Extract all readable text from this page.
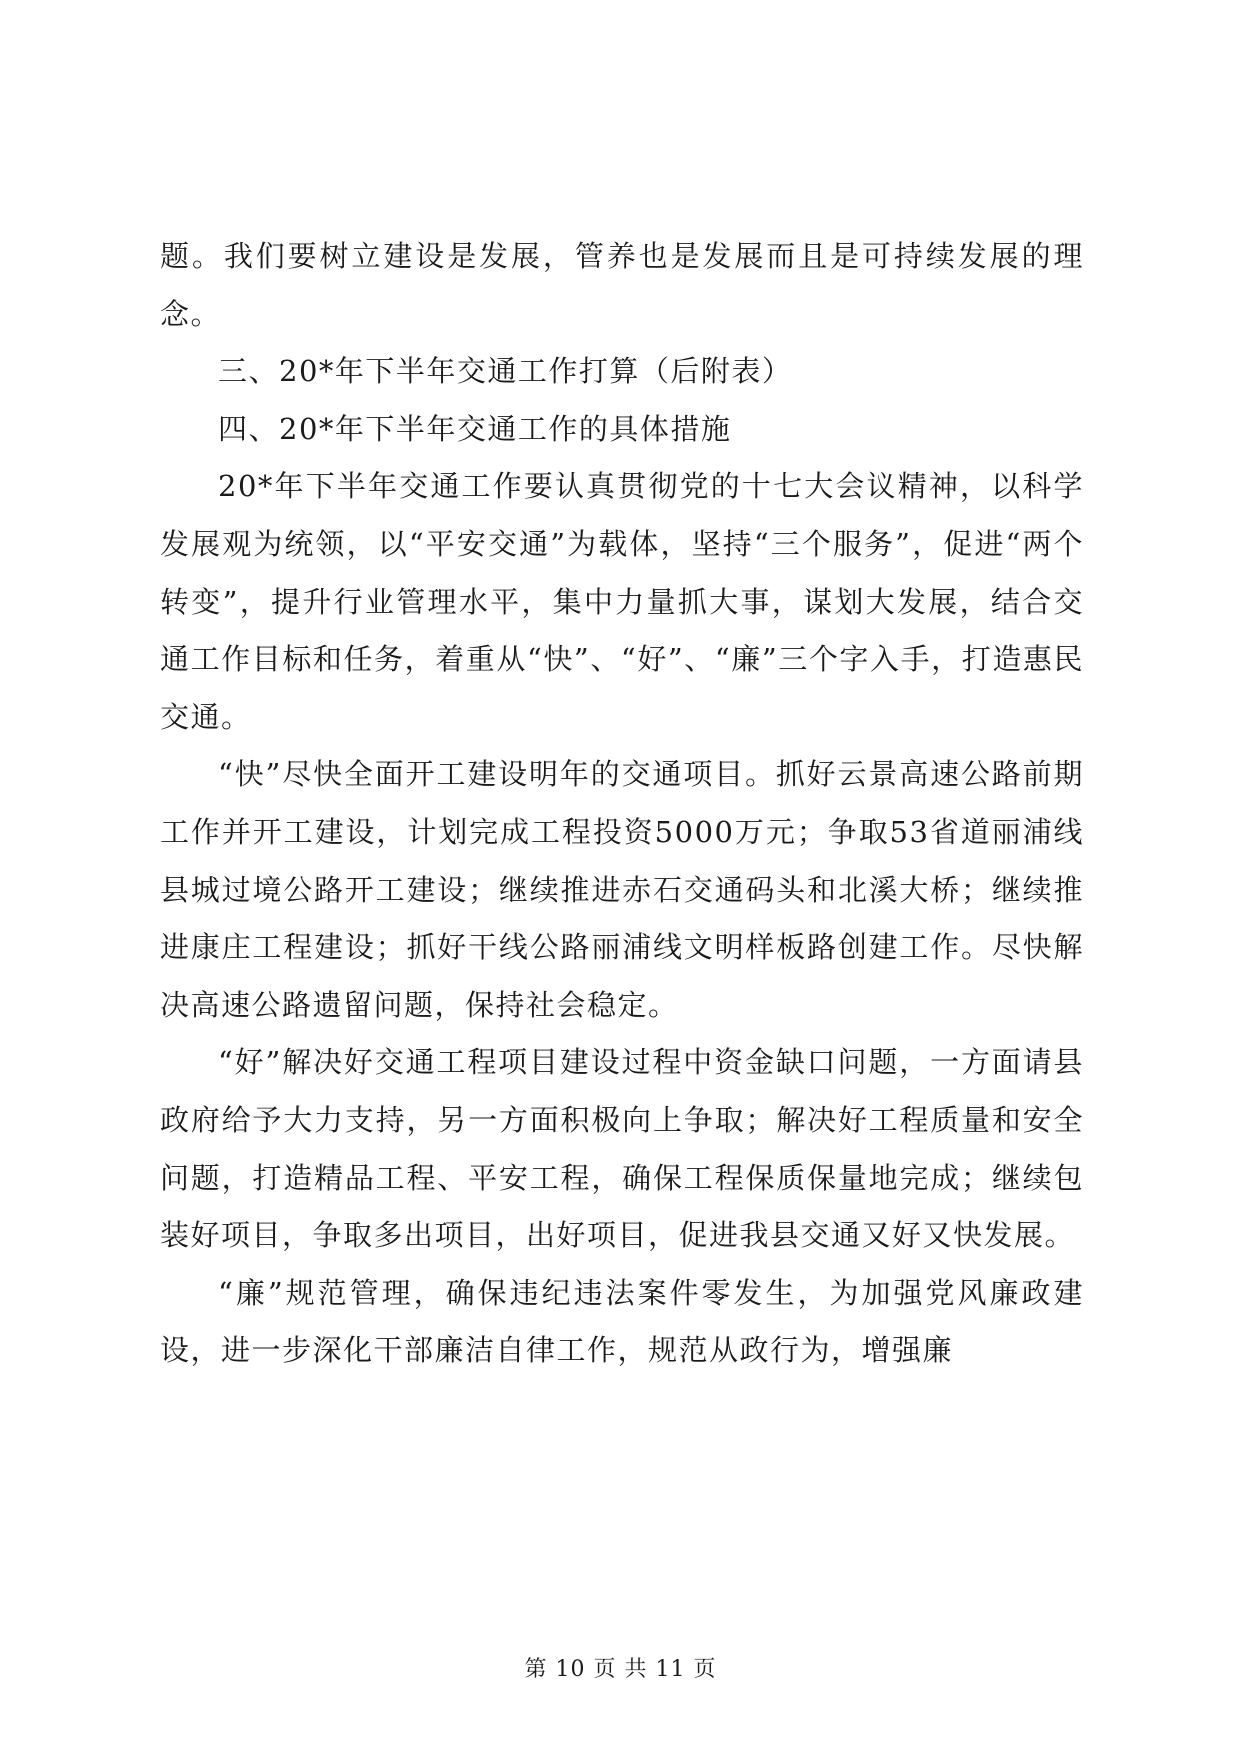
题。我们要树立建设是发展，管养也是发展而且是可持续发展的理念。

三、20*年下半年交通工作打算（后附表）

四、20*年下半年交通工作的具体措施

20*年下半年交通工作要认真贯彻党的十七大会议精神，以科学发展观为统领，以“平安交通”为载体，坚持“三个服务”，促进“两个转变”，提升行业管理水平，集中力量抓大事，谋划大发展，结合交通工作目标和任务，着重从“快”、“好”、“廉”三个字入手，打造惠民交通。

“快”尽快全面开工建设明年的交通项目。抓好云景高速公路前期工作并开工建设，计划完成工程投资5000万元；争取53省道丽浦线县城过境公路开工建设；继续推进赤石交通码头和北溪大桥；继续推进康庄工程建设；抓好干线公路丽浦线文明样板路创建工作。尽快解决高速公路遗留问题，保持社会稳定。

“好”解决好交通工程项目建设过程中资金缺口问题，一方面请县政府给予大力支持，另一方面积极向上争取；解决好工程质量和安全问题，打造精品工程、平安工程，确保工程保质保量地完成；继续包装好项目，争取多出项目，出好项目，促进我县交通又好又快发展。

“廉”规范管理，确保违纪违法案件零发生，为加强党风廉政建设，进一步深化干部廉洁自律工作，规范从政行为，增强廉

第 10 页 共 11 页
